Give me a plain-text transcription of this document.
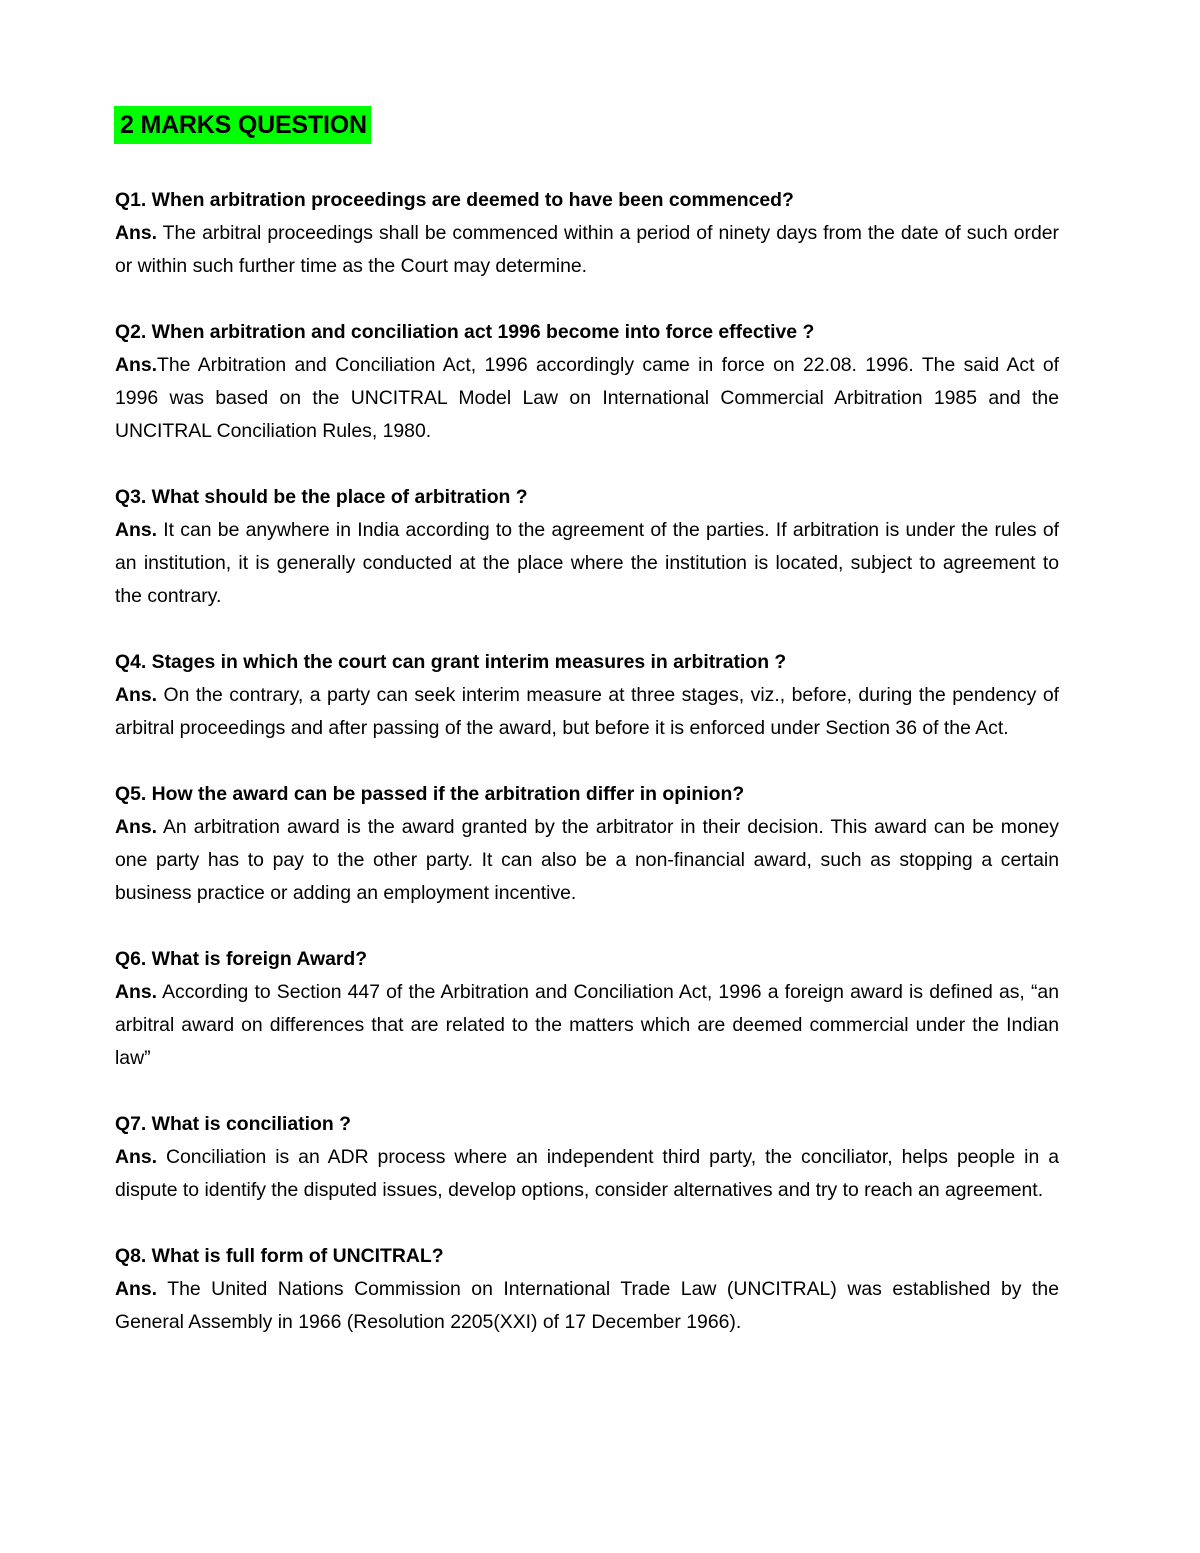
2 MARKS QUESTION
Q1. When arbitration proceedings are deemed to have been commenced?
Ans. The arbitral proceedings shall be commenced within a period of ninety days from the date of such order or within such further time as the Court may determine.
Q2. When arbitration and conciliation act 1996 become into force effective ?
Ans.The Arbitration and Conciliation Act, 1996 accordingly came in force on 22.08. 1996. The said Act of 1996 was based on the UNCITRAL Model Law on International Commercial Arbitration 1985 and the UNCITRAL Conciliation Rules, 1980.
Q3. What should be the place of arbitration ?
Ans. It can be anywhere in India according to the agreement of the parties. If arbitration is under the rules of an institution, it is generally conducted at the place where the institution is located, subject to agreement to the contrary.
Q4. Stages in which the court can grant interim measures in arbitration ?
Ans. On the contrary, a party can seek interim measure at three stages, viz., before, during the pendency of arbitral proceedings and after passing of the award, but before it is enforced under Section 36 of the Act.
Q5. How the award can be passed if the arbitration differ in opinion?
Ans. An arbitration award is the award granted by the arbitrator in their decision. This award can be money one party has to pay to the other party. It can also be a non-financial award, such as stopping a certain business practice or adding an employment incentive.
Q6. What is foreign Award?
Ans. According to Section 447 of the Arbitration and Conciliation Act, 1996 a foreign award is defined as, “an arbitral award on differences that are related to the matters which are deemed commercial under the Indian law”
Q7. What is conciliation ?
Ans. Conciliation is an ADR process where an independent third party, the conciliator, helps people in a dispute to identify the disputed issues, develop options, consider alternatives and try to reach an agreement.
Q8. What is full form of UNCITRAL?
Ans. The United Nations Commission on International Trade Law (UNCITRAL) was established by the General Assembly in 1966 (Resolution 2205(XXI) of 17 December 1966).
